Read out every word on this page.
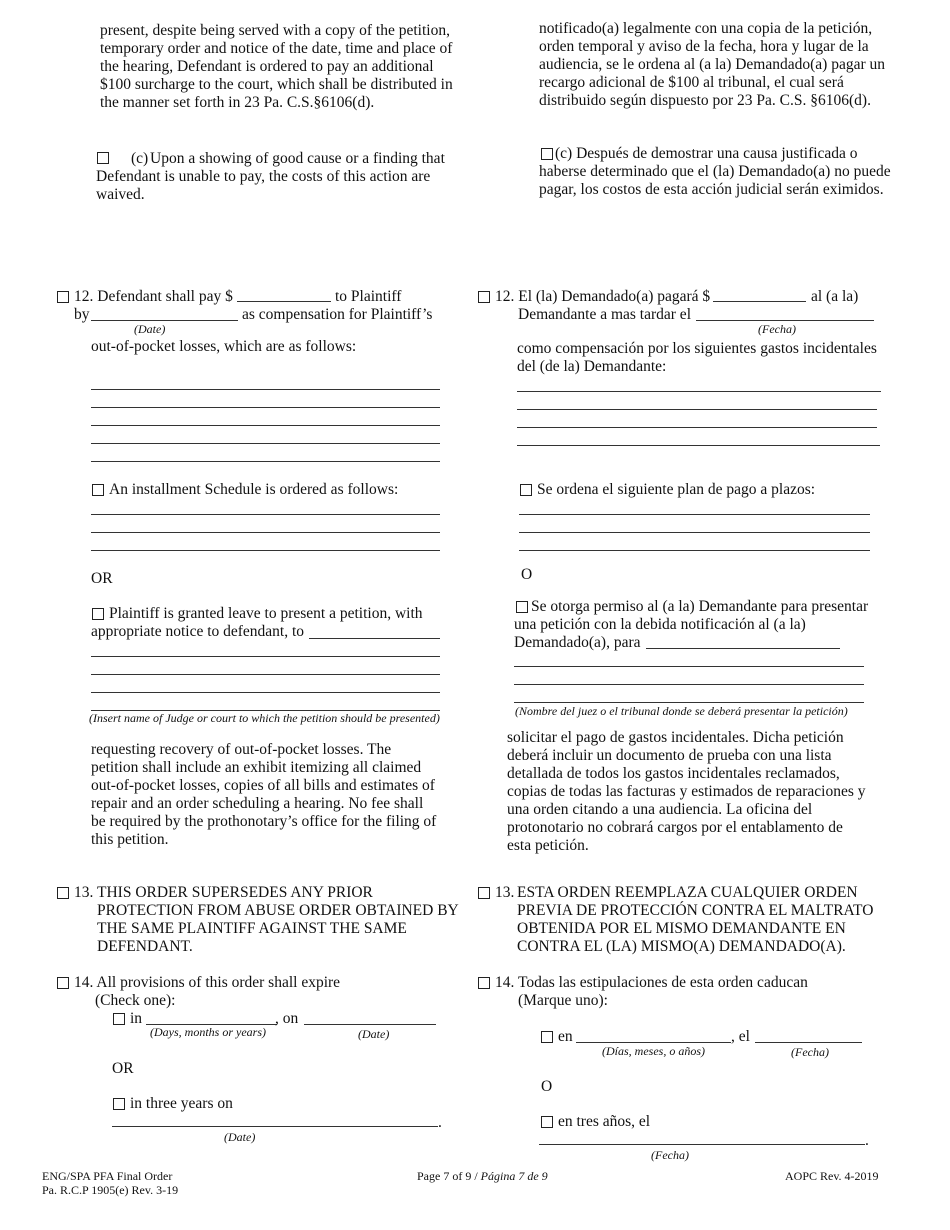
present, despite being served with a copy of the petition, temporary order and notice of the date, time and place of the hearing, Defendant is ordered to pay an additional $100 surcharge to the court, which shall be distributed in the manner set forth in 23 Pa. C.S.§6106(d).
(c) Upon a showing of good cause or a finding that Defendant is unable to pay, the costs of this action are waived.
12. Defendant shall pay $	to Plaintiff
by	as compensation for Plaintiff’s
(Date)
out-of-pocket losses, which are as follows:
An installment Schedule is ordered as follows:
OR
Plaintiff is granted leave to present a petition, with
appropriate notice to defendant, to
(Insert name of Judge or court to which the petition should be presented)
requesting recovery of out-of-pocket losses. The
petition shall include an exhibit itemizing all claimed
out-of-pocket losses, copies of all bills and estimates of
repair and an order scheduling a hearing. No fee shall
be required by the prothonotary’s office for the filing of
this petition.
13. THIS ORDER SUPERSEDES ANY PRIOR
PROTECTION FROM ABUSE ORDER OBTAINED BY
THE SAME PLAINTIFF AGAINST THE SAME
DEFENDANT.
14. All provisions of this order shall expire
(Check one):
in	, on
(Days, months or years)	(Date)
OR
in three years on
.
(Date)
notificado(a) legalmente con una copia de la petición, orden temporal y aviso de la fecha, hora y lugar de la audiencia, se le ordena al (a la) Demandado(a) pagar un recargo adicional de $100 al tribunal, el cual será distribuido según dispuesto por 23 Pa. C.S. §6106(d).
(c) Después de demostrar una causa justificada o haberse determinado que el (la) Demandado(a) no puede pagar, los costos de esta acción judicial serán eximidos.
12. El (la) Demandado(a) pagará $	al (a la)
Demandante a mas tardar el
(Fecha)
como compensación por los siguientes gastos incidentales del (de la) Demandante:
Se ordena el siguiente plan de pago a plazos:
O
Se otorga permiso al (a la) Demandante para presentar una petición con la debida notificación al (a la) Demandado(a), para
(Nombre del juez o el tribunal donde se deberá presentar la petición)
solicitar el pago de gastos incidentales. Dicha petición
deberá incluir un documento de prueba con una lista
detallada de todos los gastos incidentales reclamados,
copias de todas las facturas y estimados de reparaciones y
una orden citando a una audiencia. La oficina del
protonotario no cobrará cargos por el entablamento de
esta petición.
13. ESTA ORDEN REEMPLAZA CUALQUIER ORDEN
PREVIA DE PROTECCIÓN CONTRA EL MALTRATO
OBTENIDA POR EL MISMO DEMANDANTE EN
CONTRA EL (LA) MISMO(A) DEMANDADO(A).
14. Todas las estipulaciones de esta orden caducan
(Marque uno):
en	, el
(Días, meses, o años)	(Fecha)
O
en tres años, el
.
(Fecha)
ENG/SPA PFA Final Order
Pa. R.C.P 1905(e) Rev. 3-19
Page 7 of 9 / Página 7 de 9	AOPC Rev. 4-2019
